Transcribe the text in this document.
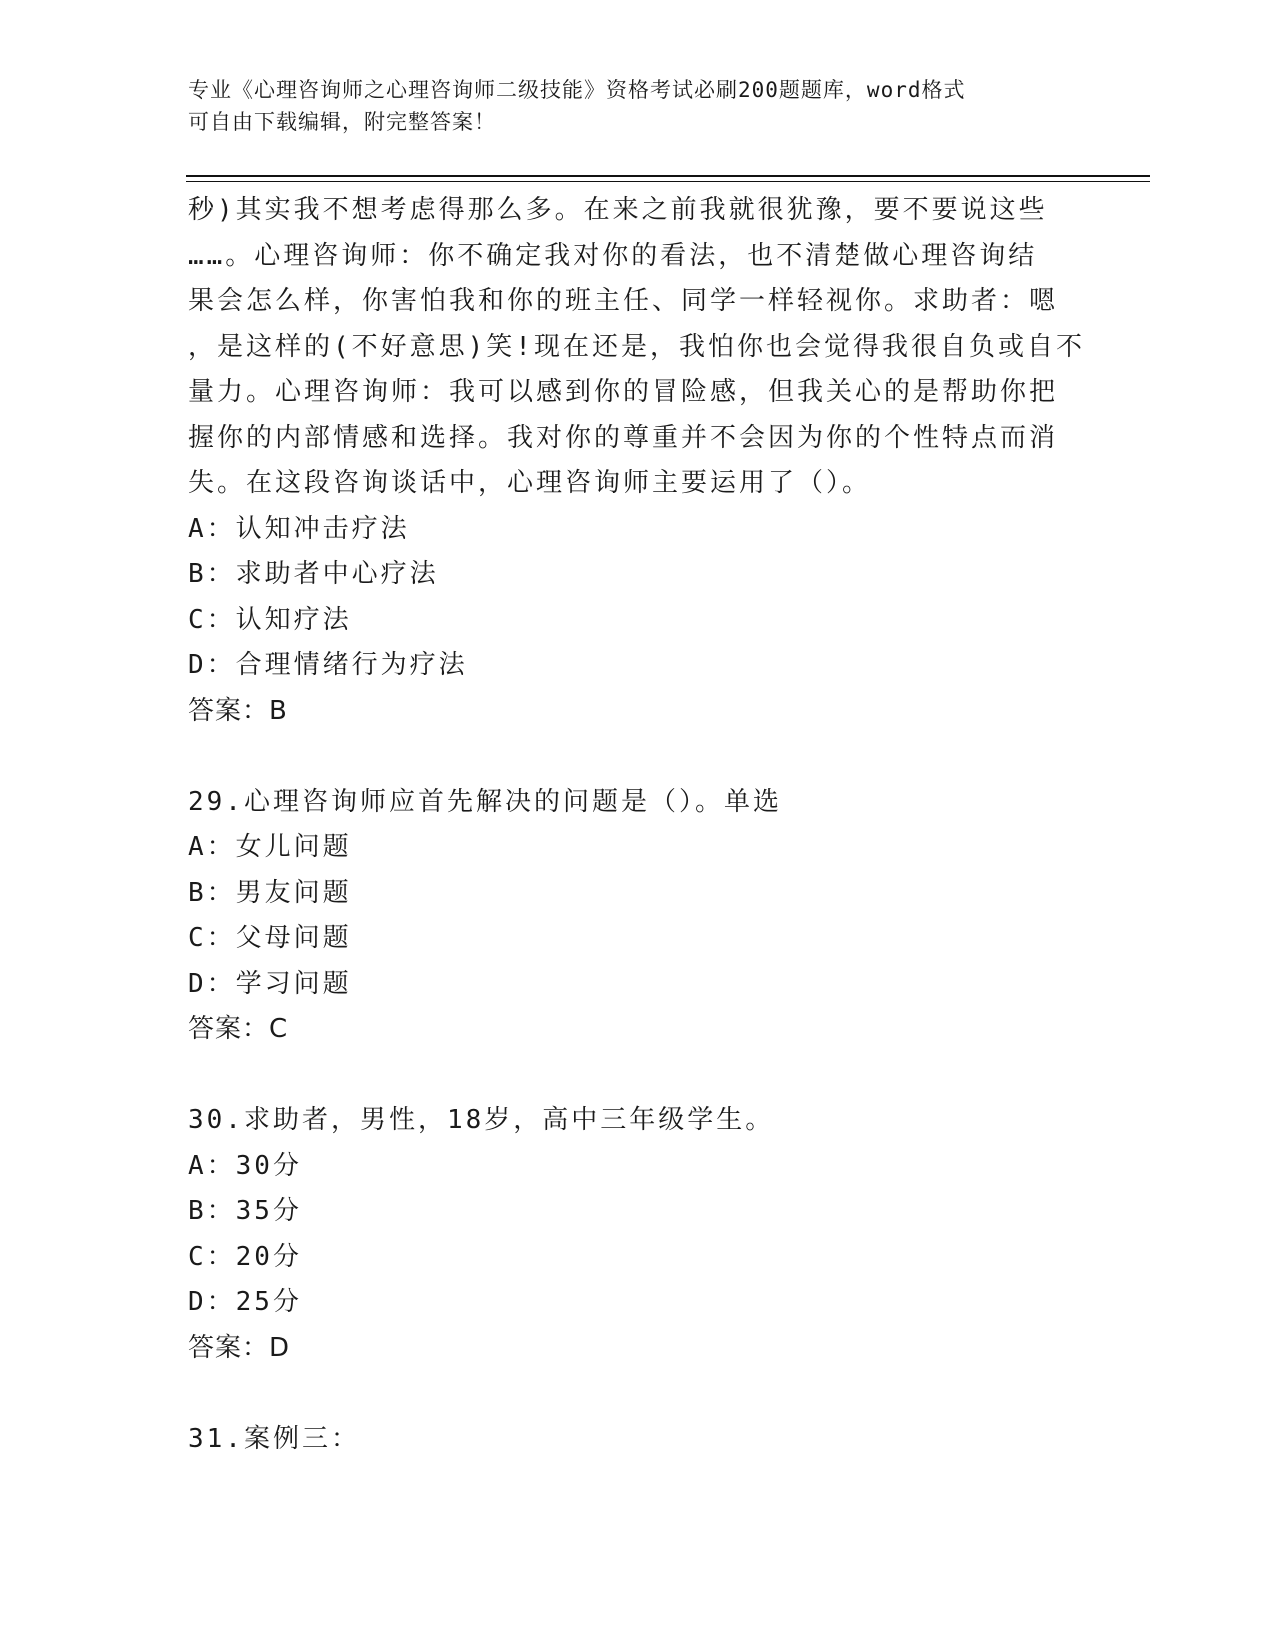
专业《心理咨询师之心理咨询师二级技能》资格考试必刷200题题库，word格式
可自由下载编辑，附完整答案！
秒)其实我不想考虑得那么多。在来之前我就很犹豫，要不要说这些
……。心理咨询师：你不确定我对你的看法，也不清楚做心理咨询结
果会怎么样，你害怕我和你的班主任、同学一样轻视你。求助者：嗯
，是这样的(不好意思)笑!现在还是，我怕你也会觉得我很自负或自不
量力。心理咨询师：我可以感到你的冒险感，但我关心的是帮助你把
握你的内部情感和选择。我对你的尊重并不会因为你的个性特点而消
失。在这段咨询谈话中，心理咨询师主要运用了（）。
A：认知冲击疗法
B：求助者中心疗法
C：认知疗法
D：合理情绪行为疗法
答案：B
29.心理咨询师应首先解决的问题是（）。单选
A：女儿问题
B：男友问题
C：父母问题
D：学习问题
答案：C
30.求助者，男性，18岁，高中三年级学生。
A：30分
B：35分
C：20分
D：25分
答案：D
31.案例三：
